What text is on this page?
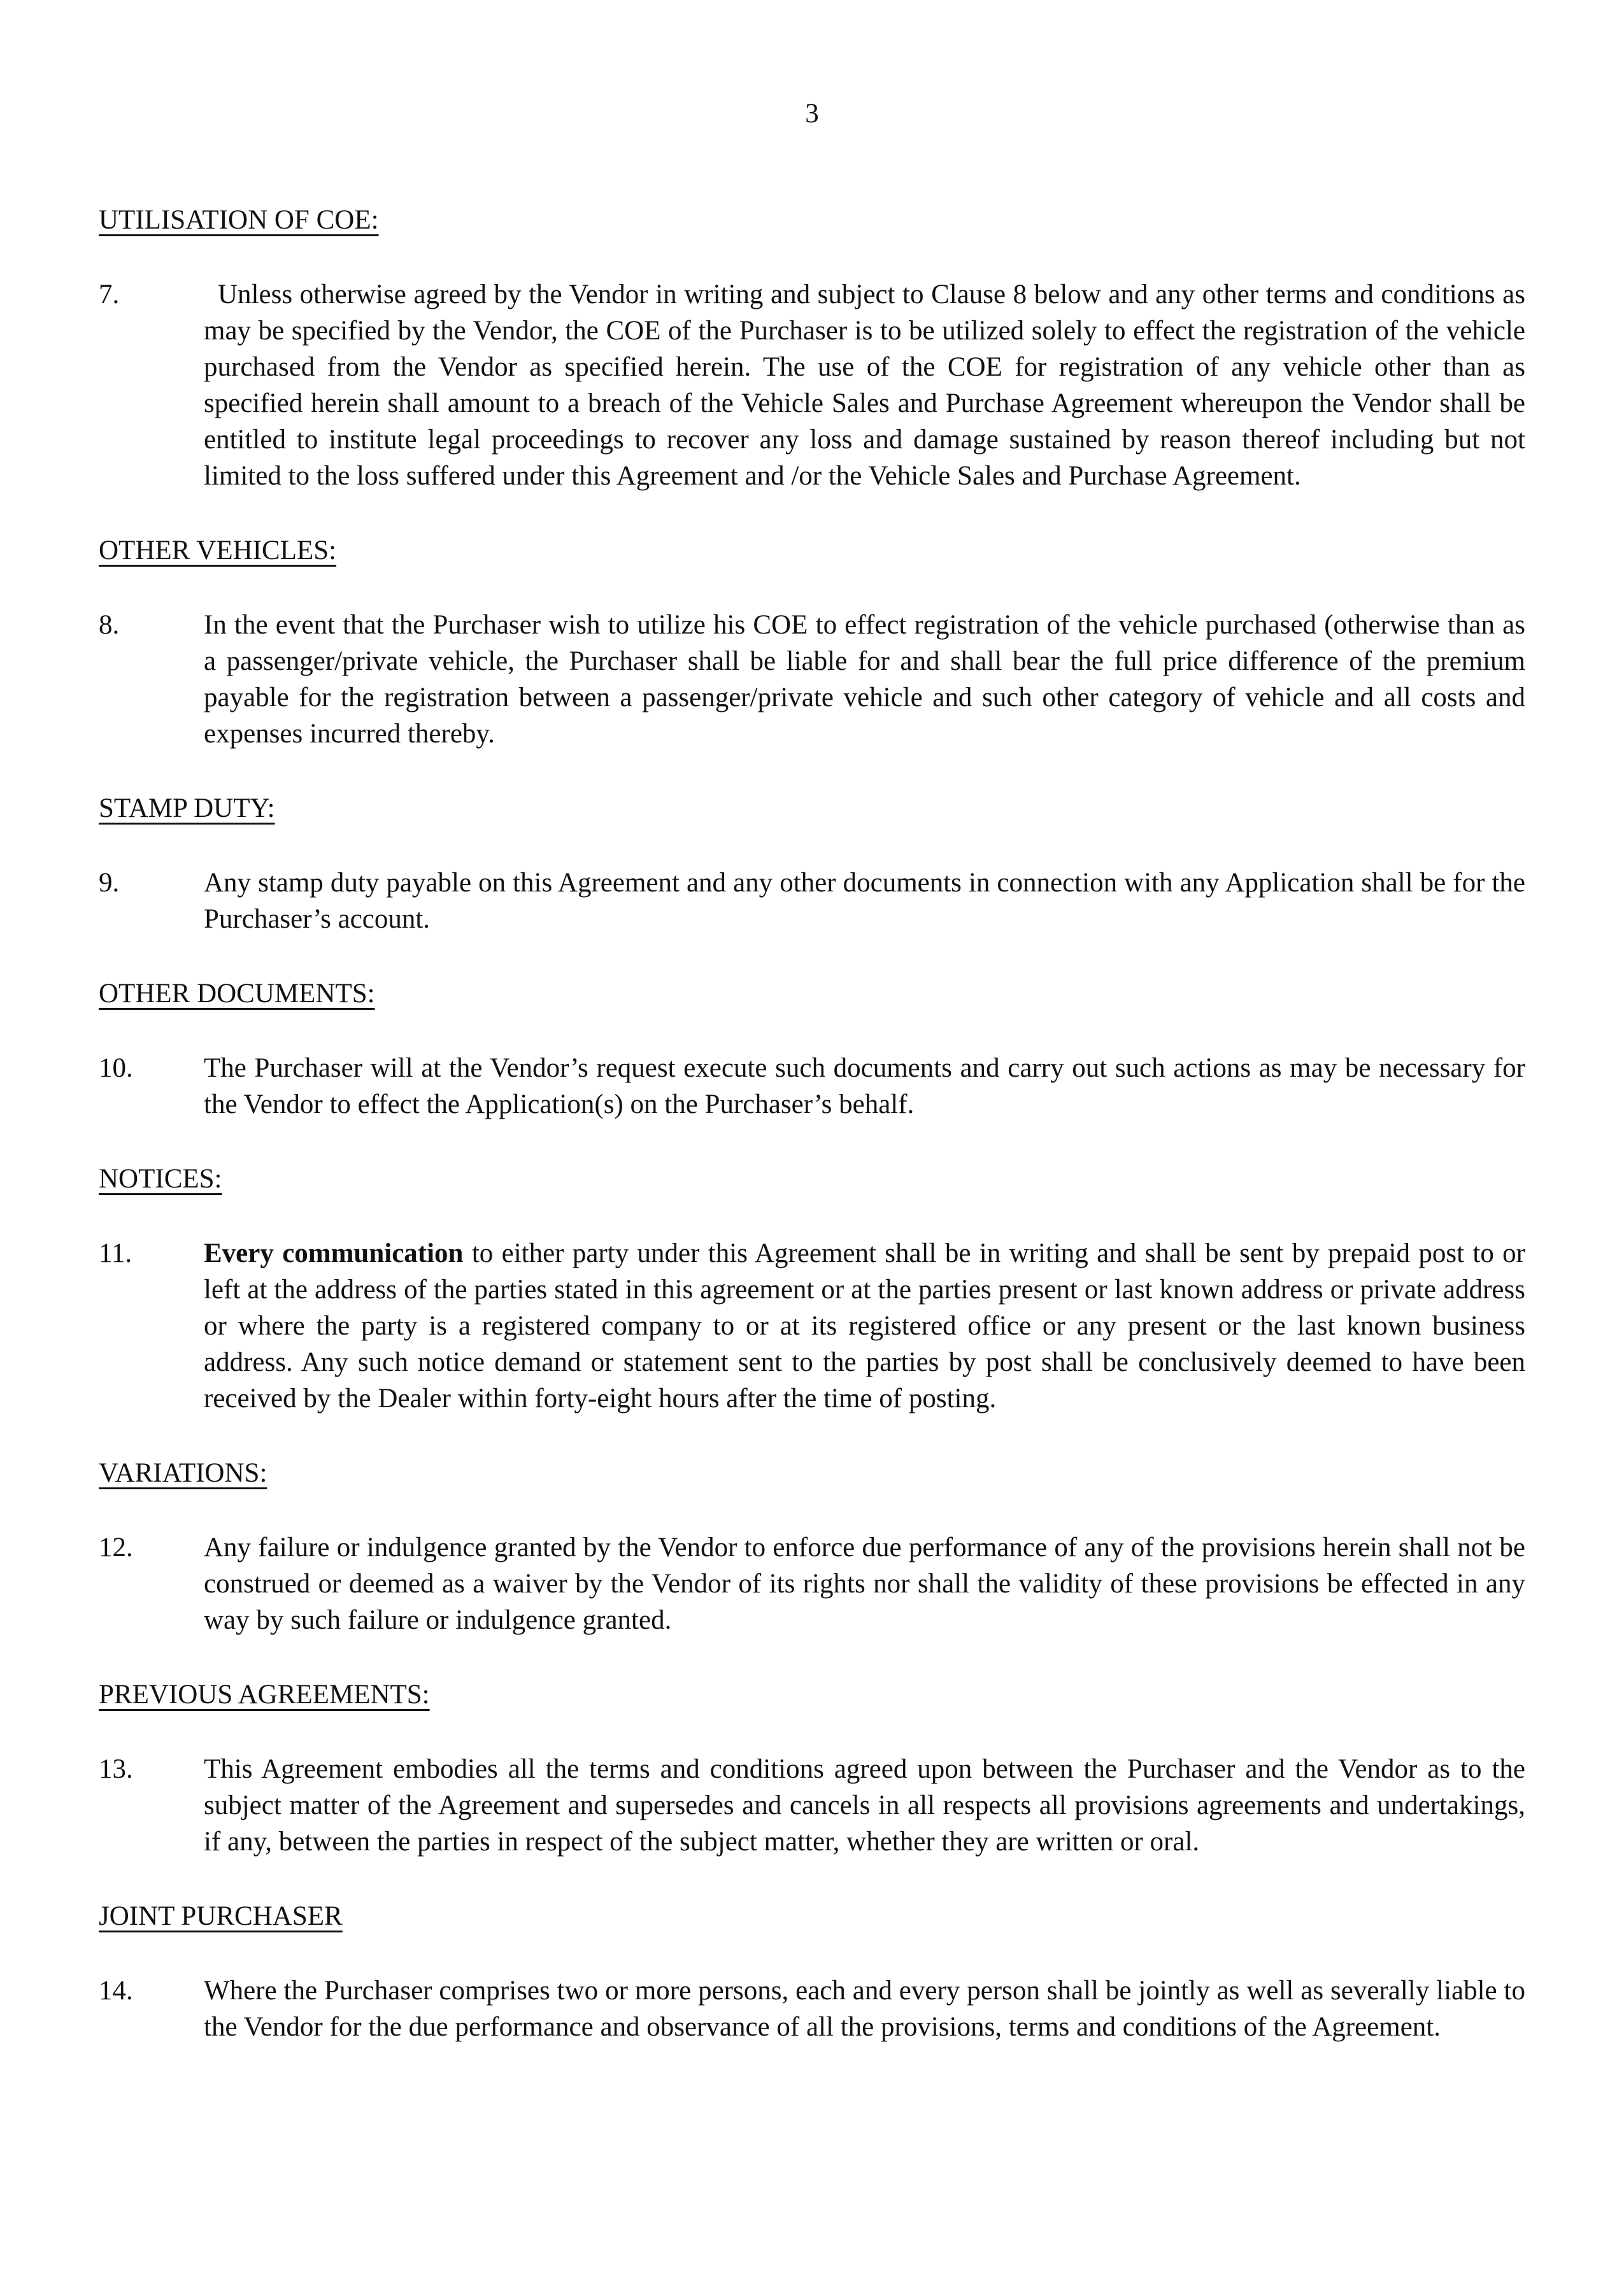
3
UTILISATION OF COE:
7.	Unless otherwise agreed by the Vendor in writing and subject to Clause 8 below and any other terms and conditions as may be specified by the Vendor, the COE of the Purchaser is to be utilized solely to effect the registration of the vehicle purchased from the Vendor as specified herein. The use of the COE for registration of any vehicle other than as specified herein shall amount to a breach of the Vehicle Sales and Purchase Agreement whereupon the Vendor shall be entitled to institute legal proceedings to recover any loss and damage sustained by reason thereof including but not limited to the loss suffered under this Agreement and /or the Vehicle Sales and Purchase Agreement.
OTHER VEHICLES:
8.	In the event that the Purchaser wish to utilize his COE to effect registration of the vehicle purchased (otherwise than as a passenger/private vehicle, the Purchaser shall be liable for and shall bear the full price difference of the premium payable for the registration between a passenger/private vehicle and such other category of vehicle and all costs and expenses incurred thereby.
STAMP DUTY:
9.	Any stamp duty payable on this Agreement and any other documents in connection with any Application shall be for the Purchaser’s account.
OTHER DOCUMENTS:
10.	The Purchaser will at the Vendor’s request execute such documents and carry out such actions as may be necessary for the Vendor to effect the Application(s) on the Purchaser’s behalf.
NOTICES:
11.	Every communication to either party under this Agreement shall be in writing and shall be sent by prepaid post to or left at the address of the parties stated in this agreement or at the parties present or last known address or private address or where the party is a registered company to or at its registered office or any present or the last known business address. Any such notice demand or statement sent to the parties by post shall be conclusively deemed to have been received by the Dealer within forty-eight hours after the time of posting.
VARIATIONS:
12.	Any failure or indulgence granted by the Vendor to enforce due performance of any of the provisions herein shall not be construed or deemed as a waiver by the Vendor of its rights nor shall the validity of these provisions be effected in any way by such failure or indulgence granted.
PREVIOUS AGREEMENTS:
13.	This Agreement embodies all the terms and conditions agreed upon between the Purchaser and the Vendor as to the subject matter of the Agreement and supersedes and cancels in all respects all provisions agreements and undertakings, if any, between the parties in respect of the subject matter, whether they are written or oral.
JOINT PURCHASER
14.	Where the Purchaser comprises two or more persons, each and every person shall be jointly as well as severally liable to the Vendor for the due performance and observance of all the provisions, terms and conditions of the Agreement.
